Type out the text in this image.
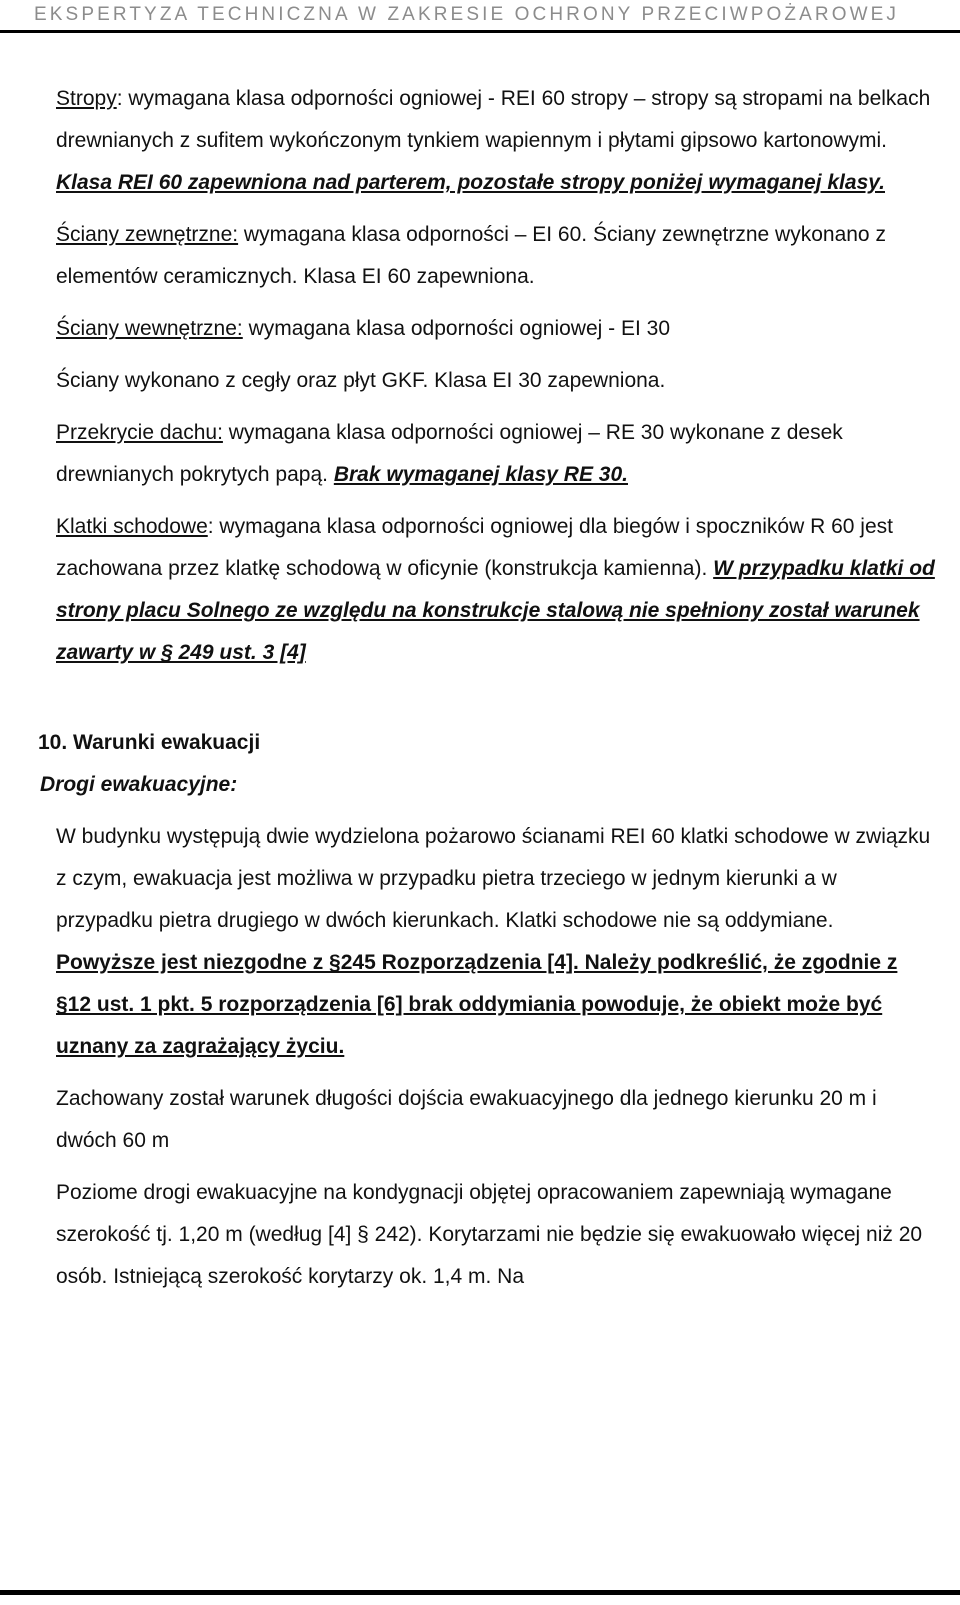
EKSPERTYZA TECHNICZNA W ZAKRESIE OCHRONY PRZECIWPOŻAROWEJ

Stropy: wymagana klasa odporności ogniowej - REI 60 stropy – stropy są stropami na belkach drewnianych z sufitem wykończonym tynkiem wapiennym i płytami gipsowo kartonowymi. Klasa REI 60 zapewniona nad parterem, pozostałe stropy poniżej wymaganej klasy.

Ściany zewnętrzne: wymagana klasa odporności – EI 60. Ściany zewnętrzne wykonano z elementów ceramicznych. Klasa EI 60 zapewniona.

Ściany wewnętrzne: wymagana klasa odporności ogniowej - EI 30

Ściany wykonano z cegły oraz płyt GKF. Klasa EI 30 zapewniona.

Przekrycie dachu: wymagana klasa odporności ogniowej – RE 30 wykonane z desek drewnianych pokrytych papą. Brak wymaganej klasy RE 30.

Klatki schodowe: wymagana klasa odporności ogniowej dla biegów i spoczników R 60 jest zachowana przez klatkę schodową w oficynie (konstrukcja kamienna). W przypadku klatki od strony placu Solnego ze względu na konstrukcje stalową nie spełniony został warunek zawarty w § 249 ust. 3 [4]

10. Warunki ewakuacji

Drogi ewakuacyjne:

W budynku występują dwie wydzielona pożarowo ścianami REI 60 klatki schodowe w związku z czym, ewakuacja jest możliwa w przypadku pietra trzeciego w jednym kierunki a w przypadku pietra drugiego w dwóch kierunkach. Klatki schodowe nie są oddymiane. Powyższe jest niezgodne z §245 Rozporządzenia [4]. Należy podkreślić, że zgodnie z §12 ust. 1 pkt. 5 rozporządzenia [6] brak oddymiania powoduje, że obiekt może być uznany za zagrażający życiu.

Zachowany został warunek długości dojścia ewakuacyjnego dla jednego kierunku 20 m i dwóch 60 m

Poziome drogi ewakuacyjne na kondygnacji objętej opracowaniem zapewniają wymagane szerokość tj. 1,20 m (według [4] § 242). Korytarzami nie będzie się ewakuowało więcej niż 20 osób. Istniejącą szerokość korytarzy ok. 1,4 m. Na
